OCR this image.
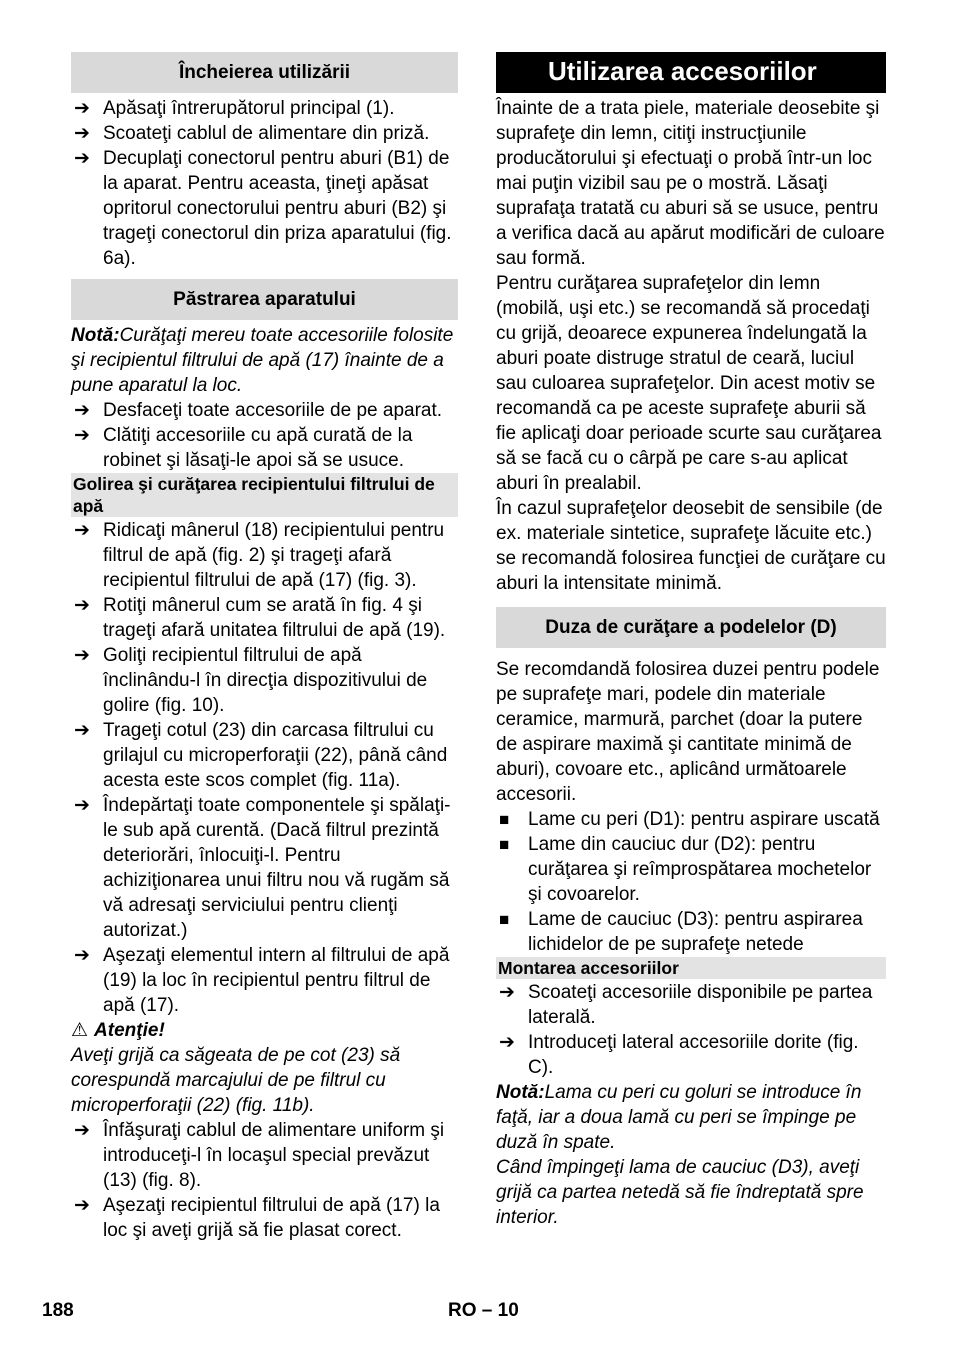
Încheierea utilizării
➔ Apăsaţi întrerupătorul principal (1).
➔ Scoateţi cablul de alimentare din priză.
➔ Decuplaţi conectorul pentru aburi (B1) de la aparat. Pentru aceasta, ţineţi apăsat opritorul conectorului pentru aburi (B2) şi trageţi conectorul din priza aparatului (fig. 6a).
Păstrarea aparatului

Notă:Curăţaţi mereu toate accesoriile folosite şi recipientul filtrului de apă (17) înainte de a pune aparatul la loc.

➔ Desfaceţi toate accesoriile de pe aparat.
➔ Clătiţi accesoriile cu apă curată de la robinet şi lăsaţi-le apoi să se usuce.
Golirea şi curăţarea recipientului filtrului de apă
➔ Ridicaţi mânerul (18) recipientului pentru filtrul de apă (fig. 2) şi trageţi afară recipientul filtrului de apă (17) (fig. 3).
➔ Rotiţi mânerul cum se arată în fig. 4 şi trageţi afară unitatea filtrului de apă (19).
➔ Goliţi recipientul filtrului de apă înclinându-l în direcţia dispozitivului de golire (fig. 10).
➔ Trageţi cotul (23) din carcasa filtrului cu grilajul cu microperforaţii (22), până când acesta este scos complet (fig. 11a).
➔ Îndepărtaţi toate componentele şi spălaţi-le sub apă curentă. (Dacă filtrul prezintă deteriorări, înlocuiţi-l. Pentru achiziţionarea unui filtru nou vă rugăm să vă adresaţi serviciului pentru clienţi autorizat.)
➔ Aşezaţi elementul intern al filtrului de apă (19) la loc în recipientul pentru filtrul de apă (17).

⚠ Atenţie!

Aveţi grijă ca săgeata de pe cot (23) să corespundă marcajului de pe filtrul cu microperforaţii (22) (fig. 11b).

➔ Înfăşuraţi cablul de alimentare uniform şi introduceţi-l în locaşul special prevăzut (13) (fig. 8).
➔ Aşezaţi recipientul filtrului de apă (17) la loc şi aveţi grijă să fie plasat corect.
Utilizarea accesoriilor

Înainte de a trata piele, materiale deosebite şi suprafeţe din lemn, citiţi instrucţiunile producătorului şi efectuaţi o probă într-un loc mai puţin vizibil sau pe o mostră. Lăsaţi suprafaţa tratată cu aburi să se usuce, pentru a verifica dacă au apărut modificări de culoare sau formă.

Pentru curăţarea suprafeţelor din lemn (mobilă, uşi etc.) se recomandă să procedaţi cu grijă, deoarece expunerea îndelungată la aburi poate distruge stratul de ceară, luciul sau culoarea suprafeţelor. Din acest motiv se recomandă ca pe aceste suprafeţe aburii să fie aplicaţi doar perioade scurte sau curăţarea să se facă cu o cârpă pe care s-au aplicat aburi în prealabil.

În cazul suprafeţelor deosebit de sensibile (de ex. materiale sintetice, suprafeţe lăcuite etc.) se recomandă folosirea funcţiei de curăţare cu aburi la intensitate minimă.

Duza de curăţare a podelelor (D)

Se recomdandă folosirea duzei pentru podele pe suprafeţe mari, podele din materiale ceramice, marmură, parchet (doar la putere de aspirare maximă şi cantitate minimă de aburi), covoare etc., aplicând următoarele accesorii.

■ Lame cu peri (D1): pentru aspirare uscată
■ Lame din cauciuc dur (D2): pentru curăţarea şi reîmprospătarea mochetelor şi covoarelor.
■ Lame de cauciuc (D3): pentru aspirarea lichidelor de pe suprafeţe netede
Montarea accesoriilor
➔ Scoateţi accesoriile disponibile pe partea laterală.
➔ Introduceţi lateral accesoriile dorite (fig. C).

Notă:Lama cu peri cu goluri se introduce în faţă, iar a doua lamă cu peri se împinge pe duză în spate.

Când împingeţi lama de cauciuc (D3), aveţi grijă ca partea netedă să fie îndreptată spre interior.

188	RO – 10
